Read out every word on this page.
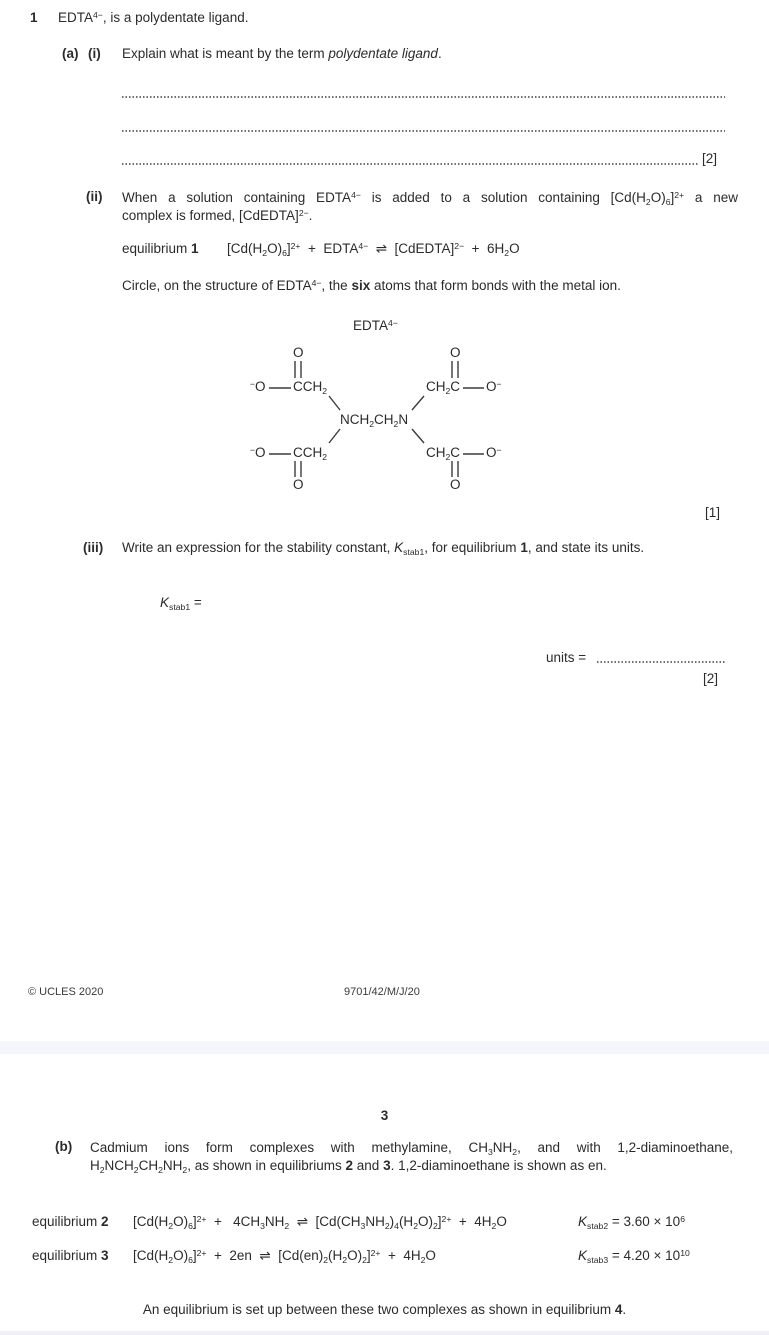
1 $EDTA^{4-}$, is a polydentate ligand.
(a) (i) Explain what is meant by the term polydentate ligand.
[2]
(ii) When a solution containing $EDTA^{4-}$ is added to a solution containing $[Cd(H_2O)_6]^{2+}$ a new
complex is formed, [CdEDTA]$^{2-}$.
equilibrium 1 $[Cd(H_2O)_6]^{2+}$  +  $EDTA^{4-}$  ⇌  [CdEDTA]$^{2-}$  +  $6H_2O$
Circle, on the structure of $EDTA^{4-}$, the six atoms that form bonds with the metal ion.
$EDTA^{4-}$
O	O
−O $CCH_2$	$CH_2C$ O−
$NCH_2CH_2N$
−O $CCH_2$	$CH_2C$ O−
O	O
[1]
(iii) Write an expression for the stability constant, $K_{stab1}$, for equilibrium 1, and state its units.
$K_{stab1}$ =
units =
[2]
© UCLES 2020	9701/42/M/J/20
3
(b) Cadmium ions form complexes with methylamine, $CH_3NH_2$, and with 1,2-diaminoethane,
$H_2NCH_2CH_2NH_2$, as shown in equilibriums 2 and 3. 1,2-diaminoethane is shown as en.
equilibrium 2 $[Cd(H_2O)_6]^{2+} + 4CH_3NH_2$  ⇌  $[Cd(CH_3NH_2)_4(H_2O)_2]^{2+} + 4H_2O$	$K_{stab2} = 3.60 \times 10^6$
equilibrium 3 $[Cd(H_2O)_6]^{2+} + 2en$  ⇌  $[Cd(en)_2(H_2O)_2]^{2+} + 4H_2O$	$K_{stab3} = 4.20 \times 10^{10}$
An equilibrium is set up between these two complexes as shown in equilibrium 4.
